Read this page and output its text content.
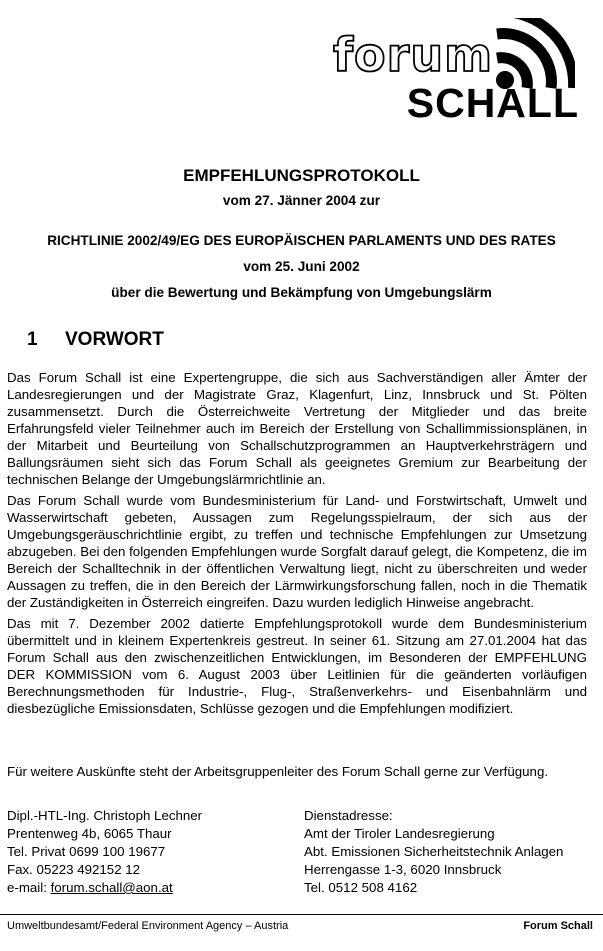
forum
SCHALL
EMPFEHLUNGSPROTOKOLL
vom 27. Jänner 2004 zur
RICHTLINIE 2002/49/EG DES EUROPÄISCHEN PARLAMENTS UND DES RATES
vom 25. Juni 2002
über die Bewertung und Bekämpfung von Umgebungslärm
1 VORWORT

Das Forum Schall ist eine Expertengruppe, die sich aus Sachverständigen aller Ämter der Landesregierungen und der Magistrate Graz, Klagenfurt, Linz, Innsbruck und St. Pölten zusammensetzt. Durch die Österreichweite Vertretung der Mitglieder und das breite Erfahrungsfeld vieler Teilnehmer auch im Bereich der Erstellung von Schallimmissionsplänen, in der Mitarbeit und Beurteilung von Schallschutzprogrammen an Hauptverkehrsträgern und Ballungsräumen sieht sich das Forum Schall als geeignetes Gremium zur Bearbeitung der technischen Belange der Umgebungslärmrichtlinie an.

Das Forum Schall wurde vom Bundesministerium für Land- und Forstwirtschaft, Umwelt und Wasserwirtschaft gebeten, Aussagen zum Regelungsspielraum, der sich aus der Umgebungsgeräuschrichtlinie ergibt, zu treffen und technische Empfehlungen zur Umsetzung abzugeben. Bei den folgenden Empfehlungen wurde Sorgfalt darauf gelegt, die Kompetenz, die im Bereich der Schalltechnik in der öffentlichen Verwaltung liegt, nicht zu überschreiten und weder Aussagen zu treffen, die in den Bereich der Lärmwirkungsforschung fallen, noch in die Thematik der Zuständigkeiten in Österreich eingreifen. Dazu wurden lediglich Hinweise angebracht.

Das mit 7. Dezember 2002 datierte Empfehlungsprotokoll wurde dem Bundesministerium übermittelt und in kleinem Expertenkreis gestreut. In seiner 61. Sitzung am 27.01.2004 hat das Forum Schall aus den zwischenzeitlichen Entwicklungen, im Besonderen der EMPFEHLUNG DER KOMMISSION vom 6. August 2003 über Leitlinien für die geänderten vorläufigen Berechnungsmethoden für Industrie-, Flug-, Straßenverkehrs- und Eisenbahnlärm und diesbezügliche Emissionsdaten, Schlüsse gezogen und die Empfehlungen modifiziert.

Für weitere Auskünfte steht der Arbeitsgruppenleiter des Forum Schall gerne zur Verfügung.
Dipl.-HTL-Ing. Christoph Lechner
Prentenweg 4b, 6065 Thaur
Tel. Privat 0699 100 19677
Fax. 05223 492152 12
e-mail: forum.schall@aon.at
Dienstadresse:
Amt der Tiroler Landesregierung
Abt. Emissionen Sicherheitstechnik Anlagen
Herrengasse 1-3, 6020 Innsbruck
Tel. 0512 508 4162
Umweltbundesamt/Federal Environment Agency – Austria	Forum Schall
